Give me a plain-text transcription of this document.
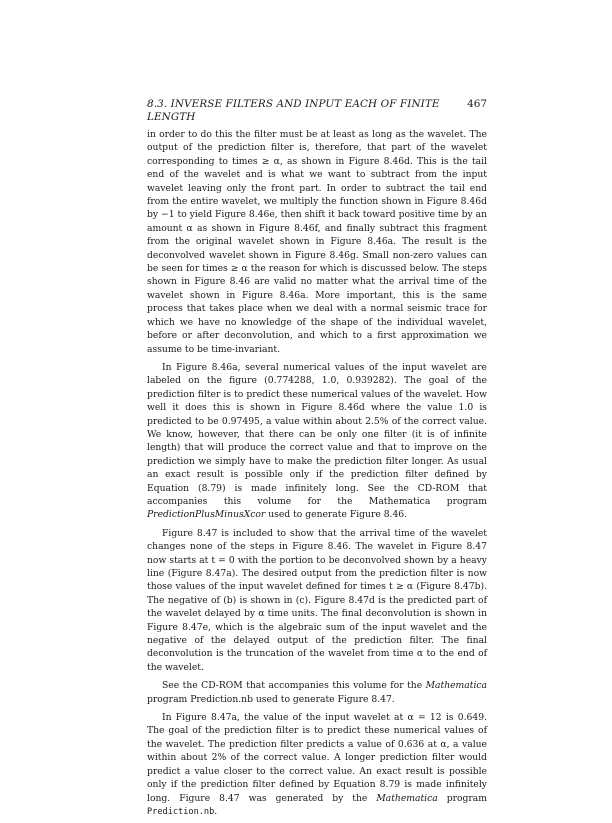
8.3. INVERSE FILTERS AND INPUT EACH OF FINITE LENGTH
467

in order to do this the filter must be at least as long as the wavelet. The output of the prediction filter is, therefore, that part of the wavelet corresponding to times ≥ α, as shown in Figure 8.46d. This is the tail end of the wavelet and is what we want to subtract from the input wavelet leaving only the front part. In order to subtract the tail end from the entire wavelet, we multiply the function shown in Figure 8.46d by −1 to yield Figure 8.46e, then shift it back toward positive time by an amount α as shown in Figure 8.46f, and finally subtract this fragment from the original wavelet shown in Figure 8.46a. The result is the deconvolved wavelet shown in Figure 8.46g. Small non-zero values can be seen for times ≥ α the reason for which is discussed below. The steps shown in Figure 8.46 are valid no matter what the arrival time of the wavelet shown in Figure 8.46a. More important, this is the same process that takes place when we deal with a normal seismic trace for which we have no knowledge of the shape of the individual wavelet, before or after deconvolution, and which to a first approximation we assume to be time-invariant.

In Figure 8.46a, several numerical values of the input wavelet are labeled on the figure (0.774288, 1.0, 0.939282). The goal of the prediction filter is to predict these numerical values of the wavelet. How well it does this is shown in Figure 8.46d where the value 1.0 is predicted to be 0.97495, a value within about 2.5% of the correct value. We know, however, that there can be only one filter (it is of infinite length) that will produce the correct value and that to improve on the prediction we simply have to make the prediction filter longer. As usual an exact result is possible only if the prediction filter defined by Equation (8.79) is made infinitely long. See the CD-ROM that accompanies this volume for the Mathematica program PredictionPlusMinusXcor used to generate Figure 8.46.

Figure 8.47 is included to show that the arrival time of the wavelet changes none of the steps in Figure 8.46. The wavelet in Figure 8.47 now starts at t = 0 with the portion to be deconvolved shown by a heavy line (Figure 8.47a). The desired output from the prediction filter is now those values of the input wavelet defined for times t ≥ α (Figure 8.47b). The negative of (b) is shown in (c). Figure 8.47d is the predicted part of the wavelet delayed by α time units. The final deconvolution is shown in Figure 8.47e, which is the algebraic sum of the input wavelet and the negative of the delayed output of the prediction filter. The final deconvolution is the truncation of the wavelet from time α to the end of the wavelet.

See the CD-ROM that accompanies this volume for the Mathematica program Prediction.nb used to generate Figure 8.47.

In Figure 8.47a, the value of the input wavelet at α = 12 is 0.649. The goal of the prediction filter is to predict these numerical values of the wavelet. The prediction filter predicts a value of 0.636 at α, a value within about 2% of the correct value. A longer prediction filter would predict a value closer to the correct value. An exact result is possible only if the prediction filter defined by Equation 8.79 is made infinitely long. Figure 8.47 was generated by the Mathematica program Prediction.nb.
